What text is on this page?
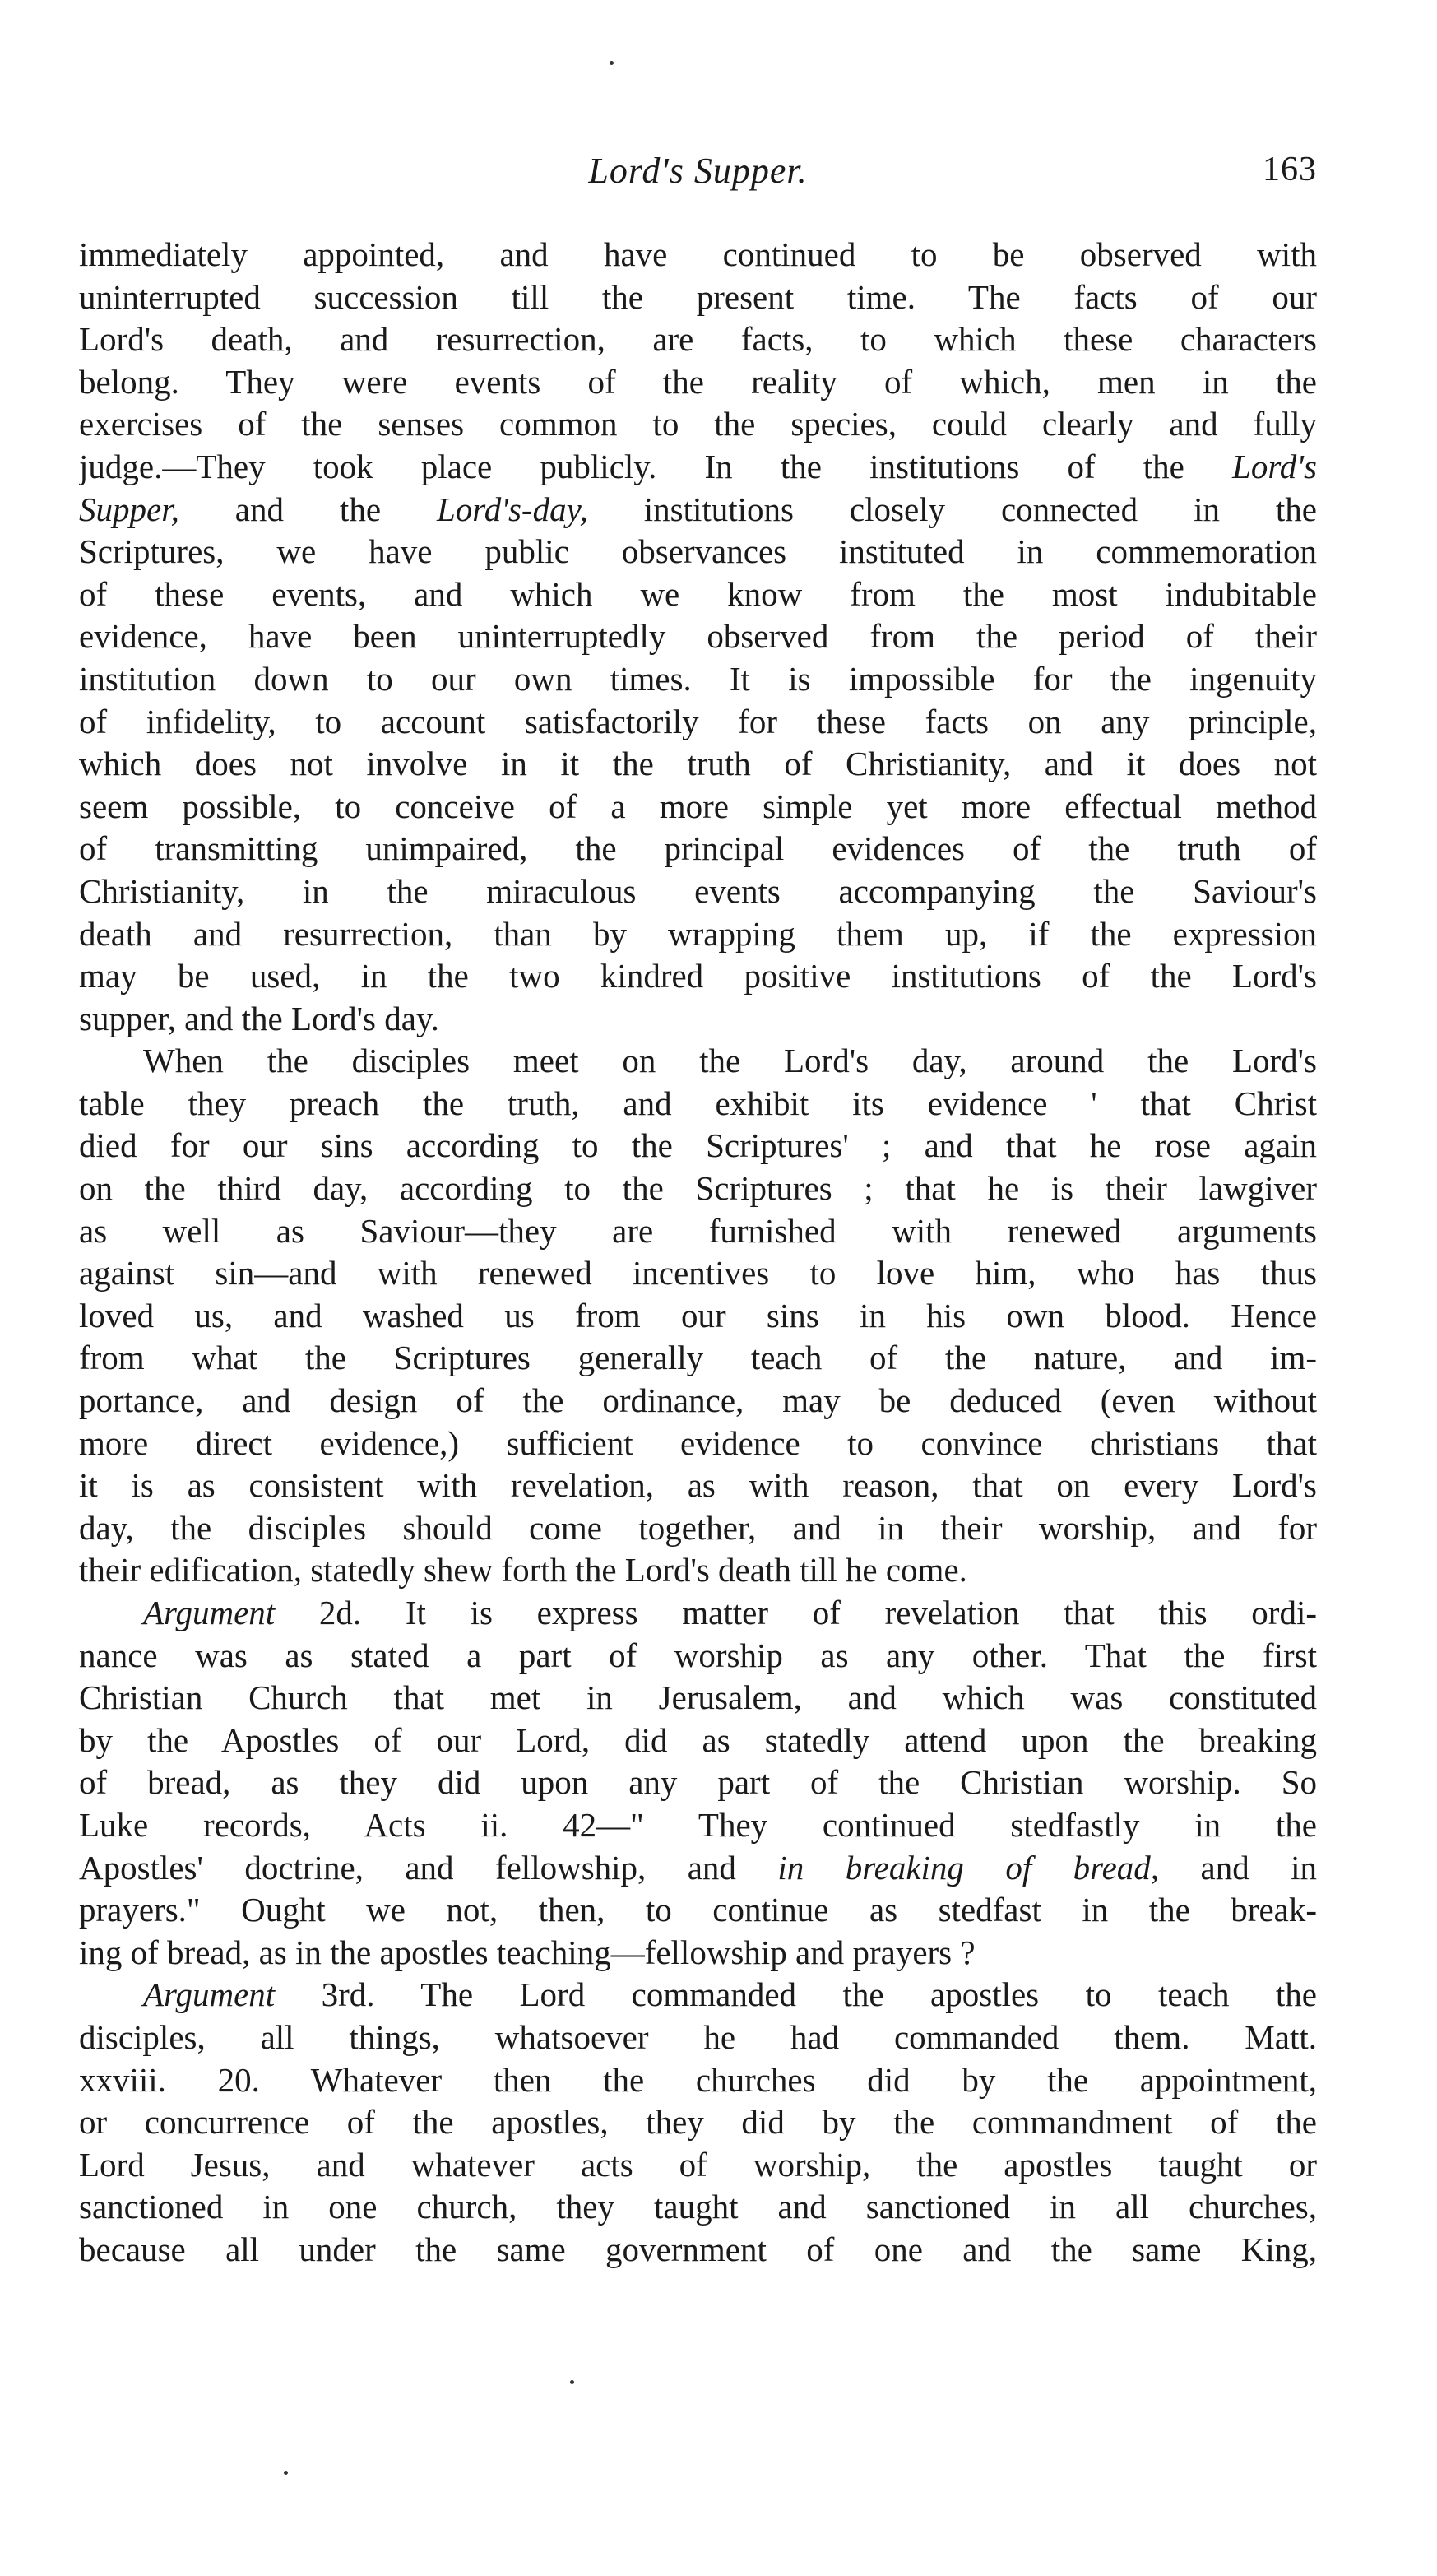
Lord's Supper.	163
immediately appointed, and have continued to be observed with
uninterrupted succession till the present time. The facts of our
Lord's death, and resurrection, are facts, to which these characters
belong. They were events of the reality of which, men in the
exercises of the senses common to the species, could clearly and fully
judge.—They took place publicly. In the institutions of the Lord's
Supper, and the Lord's-day, institutions closely connected in the
Scriptures, we have public observances instituted in commemoration
of these events, and which we know from the most indubitable
evidence, have been uninterruptedly observed from the period of their
institution down to our own times. It is impossible for the ingenuity
of infidelity, to account satisfactorily for these facts on any principle,
which does not involve in it the truth of Christianity, and it does not
seem possible, to conceive of a more simple yet more effectual method
of transmitting unimpaired, the principal evidences of the truth of
Christianity, in the miraculous events accompanying the Saviour's
death and resurrection, than by wrapping them up, if the expression
may be used, in the two kindred positive institutions of the Lord's
supper, and the Lord's day.
When the disciples meet on the Lord's day, around the Lord's
table they preach the truth, and exhibit its evidence ' that Christ
died for our sins according to the Scriptures' ; and that he rose again
on the third day, according to the Scriptures ; that he is their lawgiver
as well as Saviour—they are furnished with renewed arguments
against sin—and with renewed incentives to love him, who has thus
loved us, and washed us from our sins in his own blood. Hence
from what the Scriptures generally teach of the nature, and im-
portance, and design of the ordinance, may be deduced (even without
more direct evidence,) sufficient evidence to convince christians that
it is as consistent with revelation, as with reason, that on every Lord's
day, the disciples should come together, and in their worship, and for
their edification, statedly shew forth the Lord's death till he come.
Argument 2d. It is express matter of revelation that this ordi-
nance was as stated a part of worship as any other. That the first
Christian Church that met in Jerusalem, and which was constituted
by the Apostles of our Lord, did as statedly attend upon the breaking
of bread, as they did upon any part of the Christian worship. So
Luke records, Acts ii. 42—" They continued stedfastly in the
Apostles' doctrine, and fellowship, and in breaking of bread, and in
prayers." Ought we not, then, to continue as stedfast in the break-
ing of bread, as in the apostles teaching—fellowship and prayers ?
Argument 3rd. The Lord commanded the apostles to teach the
disciples, all things, whatsoever he had commanded them. Matt.
xxviii. 20. Whatever then the churches did by the appointment,
or concurrence of the apostles, they did by the commandment of the
Lord Jesus, and whatever acts of worship, the apostles taught or
sanctioned in one church, they taught and sanctioned in all churches,
because all under the same government of one and the same King,
